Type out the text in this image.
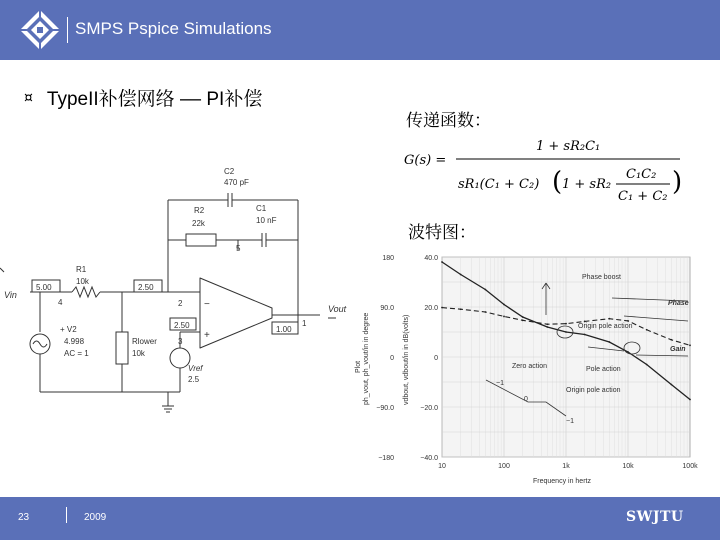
SMPS Pspice Simulations
¤ TypeII补偿网络 –– PI补偿
传递函数：
波特图：
G(s) =
1 + sR₂C₁
sR₁(C₁ + C₂) ( 1 + sR₂
C₁C₂
C₁ + C₂ )
C2
470 pF
R2
22k
C1
10 nF
5
R1
10k
5.00
4
2.50
2
2.50
3
1.00
1
Vin
Vout
+ V2
4.998
AC = 1
Rlower
10k
Vref
2.5
−
+
10	100	1k	10k	100k
180
90.0
0
−90.0
−180
40.0
20.0
0
−20.0
−40.0
Plot ph_vout, ph_vout/in in degree	vdbout, vdbout/in in dB(volts)
Frequency in hertz
Phase boost
Phase
Origin pole action
Gain
Zero action	Pole action
Origin pole action
−1
0
−1
23	2009	SWJTU
